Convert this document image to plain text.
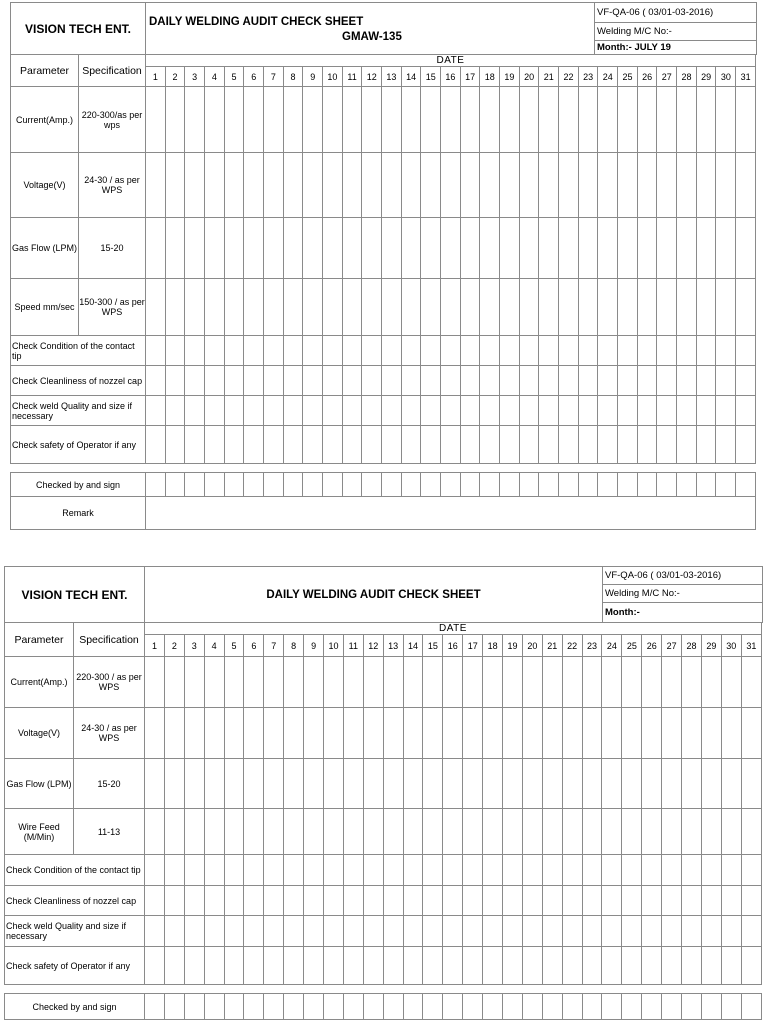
VISION TECH ENT.	DAILY WELDING AUDIT CHECK SHEET
GMAW-135
	VF-QA-06 ( 03/01-03-2016)
Welding M/C No:-
Month:- JULY 19
Parameter	Specification	DATE																														
		1	2	3	4	5	6	7	8	9	10	11	12	13	14	15	16	17	18	19	20	21	22	23	24	25	26	27	28	29	30	31
Current(Amp.)	220-300/as per wps																															
Voltage(V)	24-30 / as per WPS																															
Gas Flow (LPM)	15-20																															
Speed mm/sec	150-300 / as per WPS																															
Check Condition of the contact tip																																
Check Cleanliness of nozzel cap																																
Check weld Quality and size if necessary																																
Check safety of Operator if any																																
Checked by and sign																															
Remark																															
VISION TECH ENT.	DAILY WELDING AUDIT CHECK SHEET	VF-QA-06 ( 03/01-03-2016)
Welding M/C No:-
Month:-
Parameter	Specification	DATE																														
		1	2	3	4	5	6	7	8	9	10	11	12	13	14	15	16	17	18	19	20	21	22	23	24	25	26	27	28	29	30	31
Current(Amp.)	220-300 / as per WPS																															
Voltage(V)	24-30 / as per WPS																															
Gas Flow (LPM)	15-20																															
Wire Feed (M/Min)	11-13																															
Check Condition of the contact tip																																
Check Cleanliness of nozzel cap																																
Check weld Quality and size if necessary																																
Check safety of Operator if any																																
Checked by and sign																															
